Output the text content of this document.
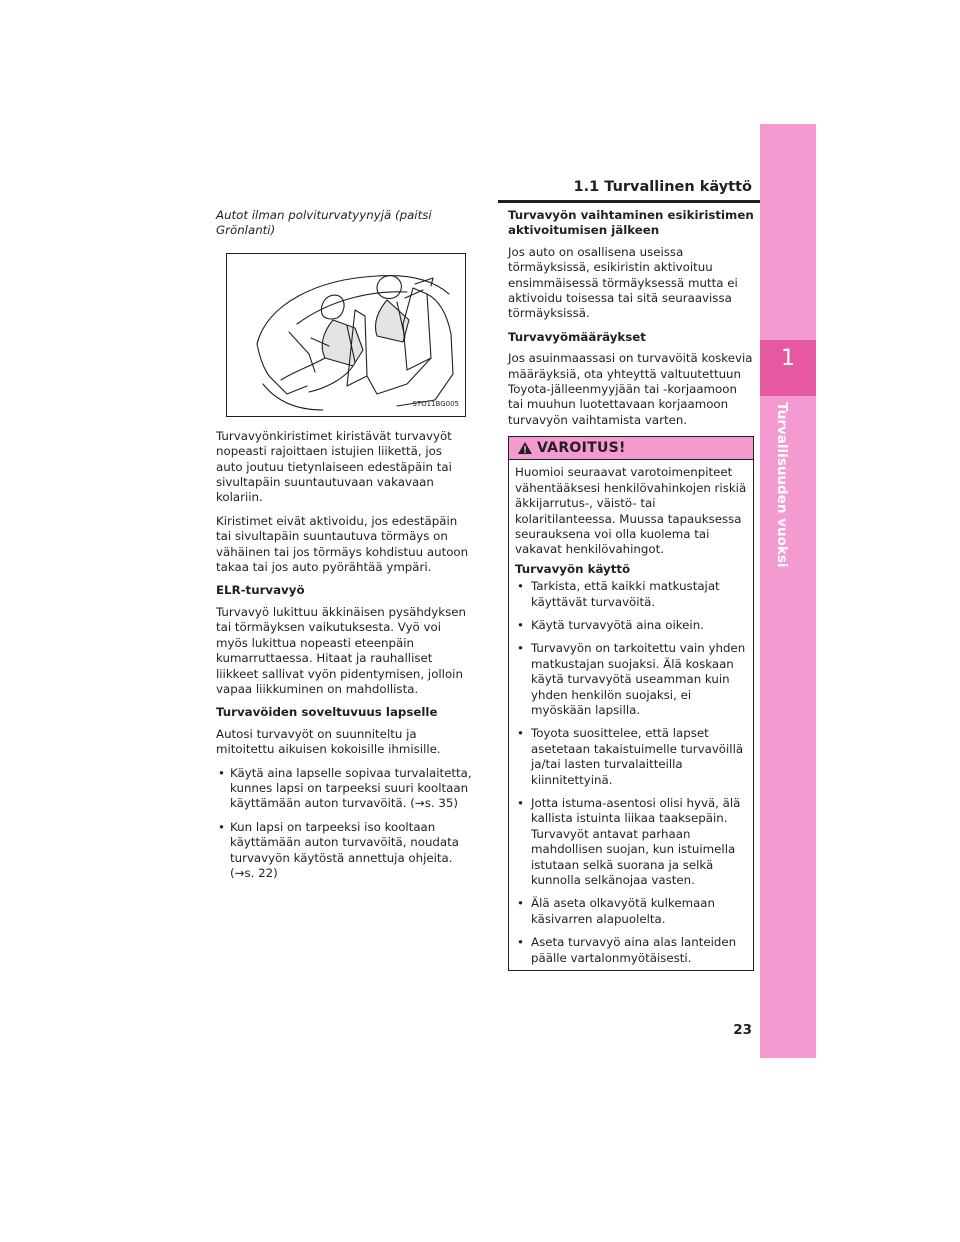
1.1 Turvallinen käyttö
1
Turvallisuuden vuoksi

Autot ilman polviturvatyynyjä (paitsi Grönlanti)

STO11BG005

Turvavyönkiristimet kiristävät turvavyöt nopeasti rajoittaen istujien liikettä, jos auto joutuu tietynlaiseen edestäpäin tai sivultapäin suuntautuvaan vakavaan kolariin.

Kiristimet eivät aktivoidu, jos edestäpäin tai sivultapäin suuntautuva törmäys on vähäinen tai jos törmäys kohdistuu autoon takaa tai jos auto pyörähtää ympäri.

ELR-turvavyö

Turvavyö lukittuu äkkinäisen pysähdyksen tai törmäyksen vaikutuksesta. Vyö voi myös lukittua nopeasti eteenpäin kumarruttaessa. Hitaat ja rauhalliset liikkeet sallivat vyön pidentymisen, jolloin vapaa liikkuminen on mahdollista.

Turvavöiden soveltuvuus lapselle

Autosi turvavyöt on suunniteltu ja mitoitettu aikuisen kokoisille ihmisille.

• Käytä aina lapselle sopivaa turvalaitetta, kunnes lapsi on tarpeeksi suuri kooltaan käyttämään auton turvavöitä. (→s. 35)
• Kun lapsi on tarpeeksi iso kooltaan käyttämään auton turvavöitä, noudata turvavyön käytöstä annettuja ohjeita. (→s. 22)
Turvavyön vaihtaminen esikiristimen aktivoitumisen jälkeen

Jos auto on osallisena useissa törmäyksissä, esikiristin aktivoituu ensimmäisessä törmäyksessä mutta ei aktivoidu toisessa tai sitä seuraavissa törmäyksissä.

Turvavyömääräykset

Jos asuinmaassasi on turvavöitä koskevia määräyksiä, ota yhteyttä valtuutettuun Toyota-jälleenmyyjään tai -korjaamoon tai muuhun luotettavaan korjaamoon turvavyön vaihtamista varten.

VAROITUS!

Huomioi seuraavat varotoimenpiteet vähentääksesi henkilövahinkojen riskiä äkkijarrutus-, väistö- tai kolaritilanteessa. Muussa tapauksessa seurauksena voi olla kuolema tai vakavat henkilövahingot.

Turvavyön käyttö
• Tarkista, että kaikki matkustajat käyttävät turvavöitä.
• Käytä turvavyötä aina oikein.
• Turvavyön on tarkoitettu vain yhden matkustajan suojaksi. Älä koskaan käytä turvavyötä useamman kuin yhden henkilön suojaksi, ei myöskään lapsilla.
• Toyota suosittelee, että lapset asetetaan takaistuimelle turvavöillä ja/tai lasten turvalaitteilla kiinnitettyinä.
• Jotta istuma-asentosi olisi hyvä, älä kallista istuinta liikaa taaksepäin. Turvavyöt antavat parhaan mahdollisen suojan, kun istuimella istutaan selkä suorana ja selkä kunnolla selkänojaa vasten.
• Älä aseta olkavyötä kulkemaan käsivarren alapuolelta.
• Aseta turvavyö aina alas lanteiden päälle vartalonmyötäisesti.
23
